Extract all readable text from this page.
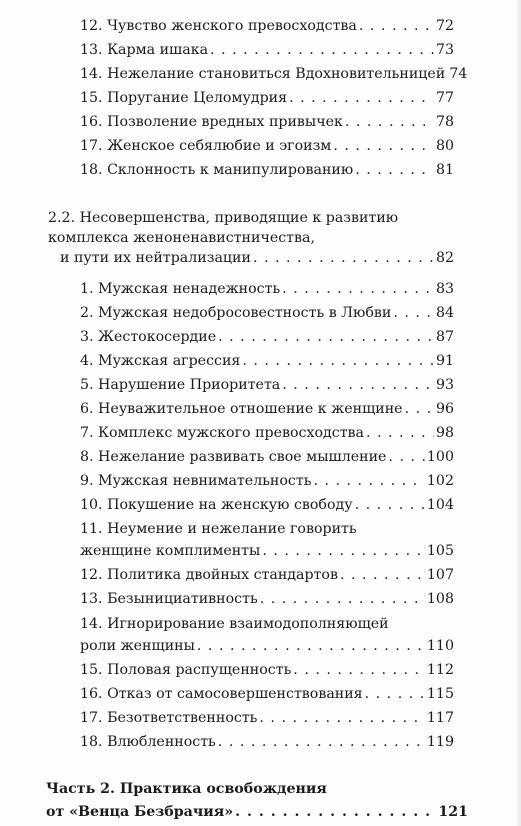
12. Чувство женского превосходства . . .	72
13. Карма ишака . . .	73
14. Нежелание становиться Вдохновительницей 74
15. Поругание Целомудрия . . .	77
16. Позволение вредных привычек . . .	78
17. Женское себялюбие и эгоизм . . .	80
18. Склонность к манипулированию . . .	81
2.2. Несовершенства, приводящие к развитию
комплекса женоненавистничества,
и пути их нейтрализации . . .	82
1. Мужская ненадежность . . .	83
2. Мужская недобросовестность в Любви . . .	84
3. Жестокосердие . . .	87
4. Мужская агрессия . . .	91
5. Нарушение Приоритета . . .	93
6. Неуважительное отношение к женщине . . . 96
7. Комплекс мужского превосходства . . .	98
8. Нежелание развивать свое мышление . . .	100
9. Мужская невнимательность . . .	102
10. Покушение на женскую свободу . . .	104
11. Неумение и нежелание говорить
женщине комплименты . . .	105
12. Политика двойных стандартов . . .	107
13. Безынициативность . . .	108
14. Игнорирование взаимодополняющей
роли женщины . . .	110
15. Половая распущенность . . .	112
16. Отказ от самосовершенствования . . .	115
17. Безответственность . . .	117
18. Влюбленность . . .	119
Часть 2. Практика освобождения
от «Венца Безбрачия» . . .	121
